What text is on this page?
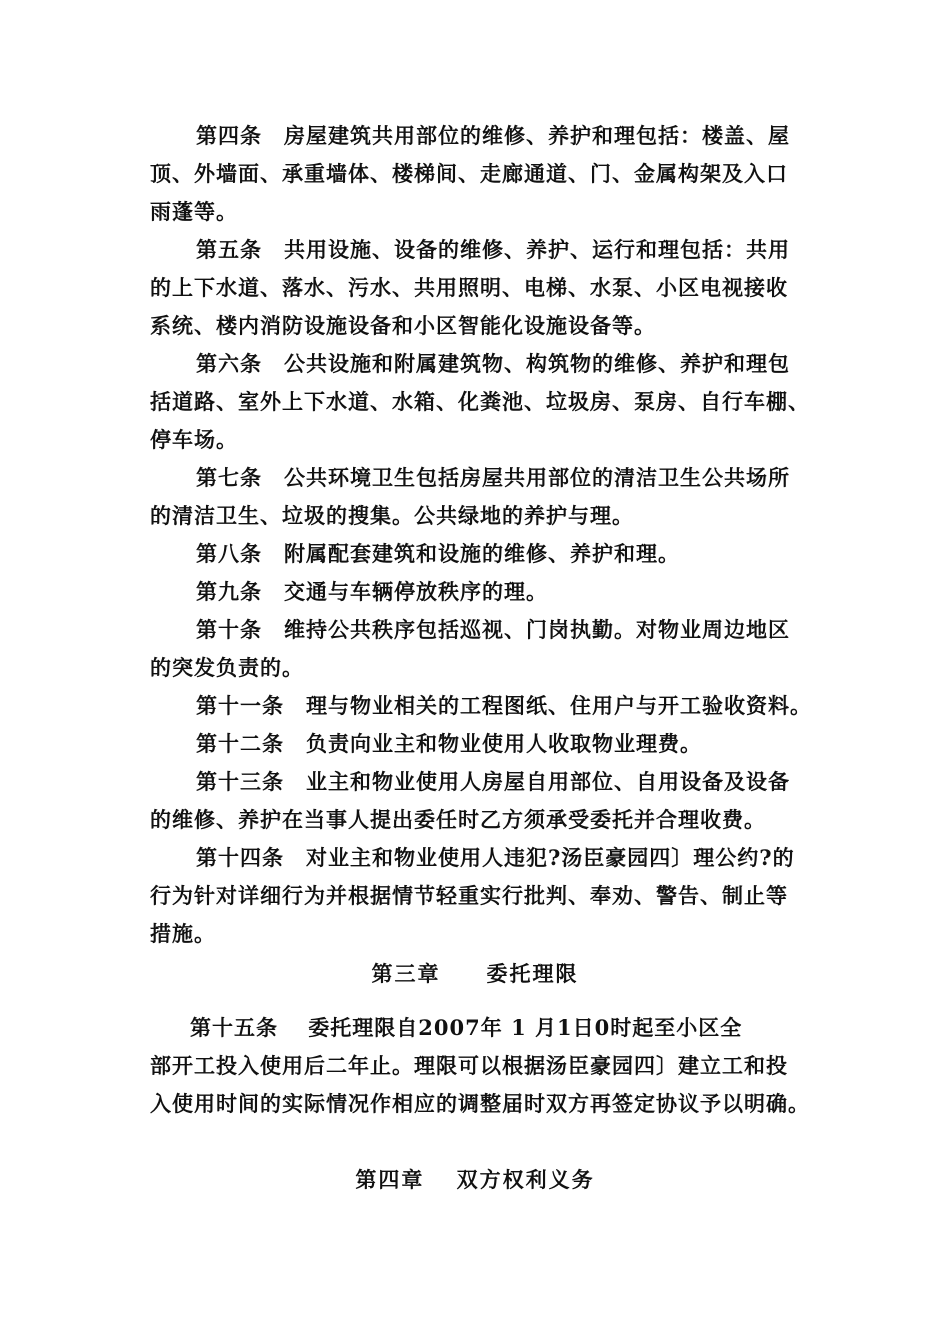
第四条　房屋建筑共用部位的维修、养护和理包括：楼盖、屋
顶、外墙面、承重墙体、楼梯间、走廊通道、门、金属构架及入口
雨蓬等。
第五条　共用设施、设备的维修、养护、运行和理包括：共用
的上下水道、落水、污水、共用照明、电梯、水泵、小区电视接收
系统、楼内消防设施设备和小区智能化设施设备等。
第六条　公共设施和附属建筑物、构筑物的维修、养护和理包
括道路、室外上下水道、水箱、化粪池、垃圾房、泵房、自行车棚、
停车场。
第七条　公共环境卫生包括房屋共用部位的清洁卫生公共场所
的清洁卫生、垃圾的搜集。公共绿地的养护与理。
第八条　附属配套建筑和设施的维修、养护和理。
第九条　交通与车辆停放秩序的理。
第十条　维持公共秩序包括巡视、门岗执勤。对物业周边地区
的突发负责的。
第十一条　理与物业相关的工程图纸、住用户与开工验收资料。
第十二条　负责向业主和物业使用人收取物业理费。
第十三条　业主和物业使用人房屋自用部位、自用设备及设备
的维修、养护在当事人提出委任时乙方须承受委托并合理收费。
第十四条　对业主和物业使用人违犯?汤臣豪园四〕理公约?的
行为针对详细行为并根据情节轻重实行批判、奉劝、警告、制止等
措施。
第三章　　委托理限
第十五条　 委托理限自2007年 1 月1日0时起至小区全
部开工投入使用后二年止。理限可以根据汤臣豪园四〕建立工和投
入使用时间的实际情况作相应的调整届时双方再签定协议予以明确。
第四章　 双方权利义务
